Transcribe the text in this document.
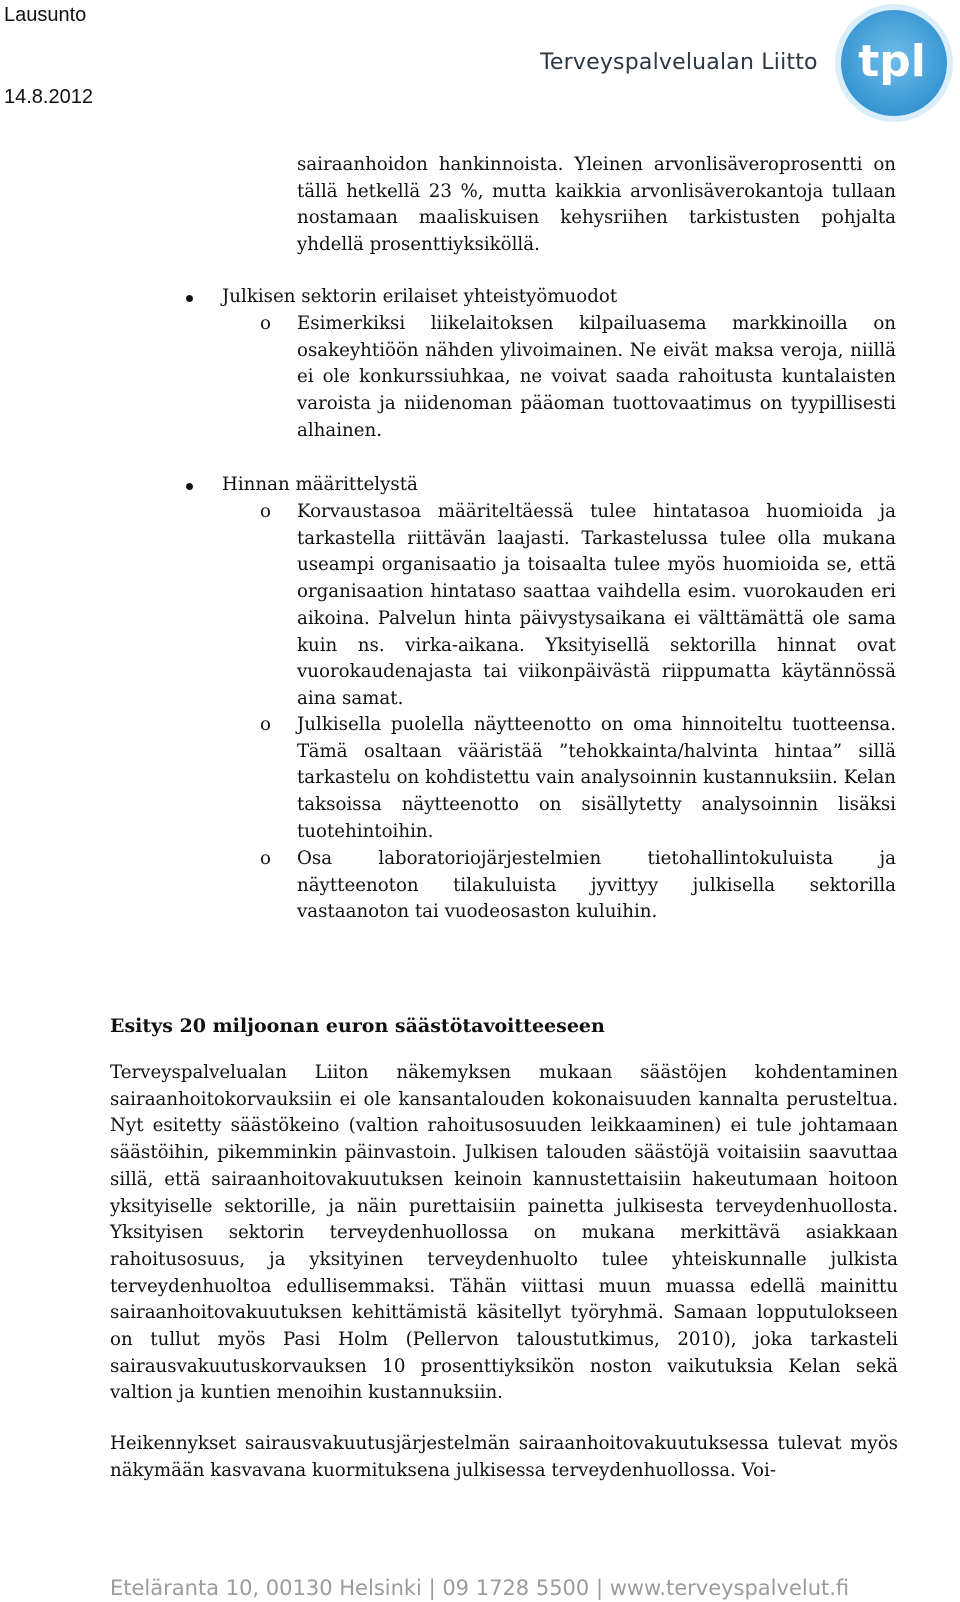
Lausunto
14.8.2012
Terveyspalvelualan Liitto tpl
sairaanhoidon hankinnoista. Yleinen arvonlisäveroprosentti on tällä hetkellä 23 %, mutta kaikkia arvonlisäverokantoja tullaan nostamaan maaliskuisen kehysriihen tarkistusten pohjalta yhdellä prosenttiyksiköllä.
Julkisen sektorin erilaiset yhteistyömuodot
o Esimerkiksi liikelaitoksen kilpailuasema markkinoilla on osakeyhtiöön nähden ylivoimainen. Ne eivät maksa veroja, niillä ei ole konkurssiuhkaa, ne voivat saada rahoitusta kuntalaisten varoista ja niidenoman pääoman tuottovaatimus on tyypillisesti alhainen.
Hinnan määrittelystä
o Korvaustasoa määriteltäessä tulee hintatasoa huomioida ja tarkastella riittävän laajasti. Tarkastelussa tulee olla mukana useampi organisaatio ja toisaalta tulee myös huomioida se, että organisaation hintataso saattaa vaihdella esim. vuorokauden eri aikoina. Palvelun hinta päivystysaikana ei välttämättä ole sama kuin ns. virka-aikana. Yksityisellä sektorilla hinnat ovat vuorokaudenajasta tai viikonpäivästä riippumatta käytännössä aina samat.
o Julkisella puolella näytteenotto on oma hinnoiteltu tuotteensa. Tämä osaltaan vääristää ”tehokkainta/halvinta hintaa” sillä tarkastelu on kohdistettu vain analysoinnin kustannuksiin. Kelan taksoissa näytteenotto on sisällytetty analysoinnin lisäksi tuotehintoihin.
o Osa laboratoriojärjestelmien tietohallintokuluista ja näytteenoton tilakuluista jyvittyy julkisella sektorilla vastaanoton tai vuodeosaston kuluihin.
Esitys 20 miljoonan euron säästötavoitteeseen
Terveyspalvelualan Liiton näkemyksen mukaan säästöjen kohdentaminen sairaanhoitokorvauksiin ei ole kansantalouden kokonaisuuden kannalta perusteltua. Nyt esitetty säästökeino (valtion rahoitusosuuden leikkaaminen) ei tule johtamaan säästöihin, pikemminkin päinvastoin. Julkisen talouden säästöjä voitaisiin saavuttaa sillä, että sairaanhoitovakuutuksen keinoin kannustettaisiin hakeutumaan hoitoon yksityiselle sektorille, ja näin purettaisiin painetta julkisesta terveydenhuollosta. Yksityisen sektorin terveydenhuollossa on mukana merkittävä asiakkaan rahoitusosuus, ja yksityinen terveydenhuolto tulee yhteiskunnalle julkista terveydenhuoltoa edullisemmaksi. Tähän viittasi muun muassa edellä mainittu sairaanhoitovakuutuksen kehittämistä käsitellyt työryhmä. Samaan lopputulokseen on tullut myös Pasi Holm (Pellervon taloustutkimus, 2010), joka tarkasteli sairausvakuutuskorvauksen 10 prosenttiyksikön noston vaikutuksia Kelan sekä valtion ja kuntien menoihin kustannuksiin.
Heikennykset sairausvakuutusjärjestelmän sairaanhoitovakuutuksessa tulevat myös näkymään kasvavana kuormituksena julkisessa terveydenhuollossa. Voi-
Eteläranta 10, 00130 Helsinki | 09 1728 5500 | www.terveyspalvelut.fi
